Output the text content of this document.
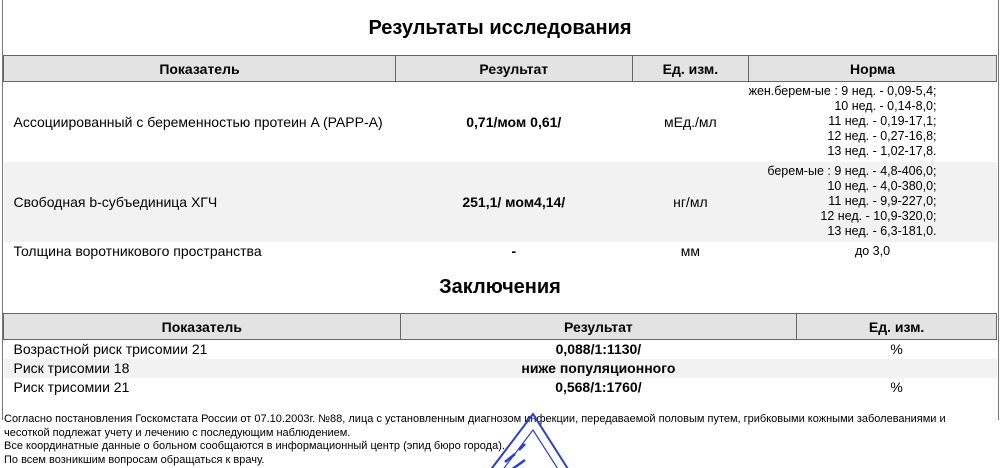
Результаты исследования
Показатель	Результат	Ед. изм.	Норма
Ассоциированный с беременностью протеин A (PAPP-A)	0,71/мом 0,61/	мЕд./мл	жен.берем-ые : 9 нед. - 0,09-5,4;
10 нед. - 0,14-8,0;
11 нед. - 0,19-17,1;
12 нед. - 0,27-16,8;
13 нед. - 1,02-17,8.

Свободная b-субъединица ХГЧ	251,1/ мом4,14/	нг/мл	берем-ые : 9 нед. - 4,8-406,0;
10 нед. - 4,0-380,0;
11 нед. - 9,9-227,0;
12 нед. - 10,9-320,0;
13 нед. - 6,3-181,0.

Толщина воротникового пространства	-	мм	до 3,0
Заключения
Показатель	Результат	Ед. изм.
Возрастной риск трисомии 21	0,088/1:1130/	%
Риск трисомии 18	ниже популяционного	
Риск трисомии 21	0,568/1:1760/	%
Согласно постановления Госкомстата России от 07.10.2003г. №88, лица с установленным диагнозом инфекции, передаваемой половым путем, грибковыми кожными заболеваниями и
чесоткой подлежат учету и лечению с последующим наблюдением.
Все координатные данные о больном сообщаются в информационный центр (эпид бюро города).
По всем возникшим вопросам обращаться к врачу.
